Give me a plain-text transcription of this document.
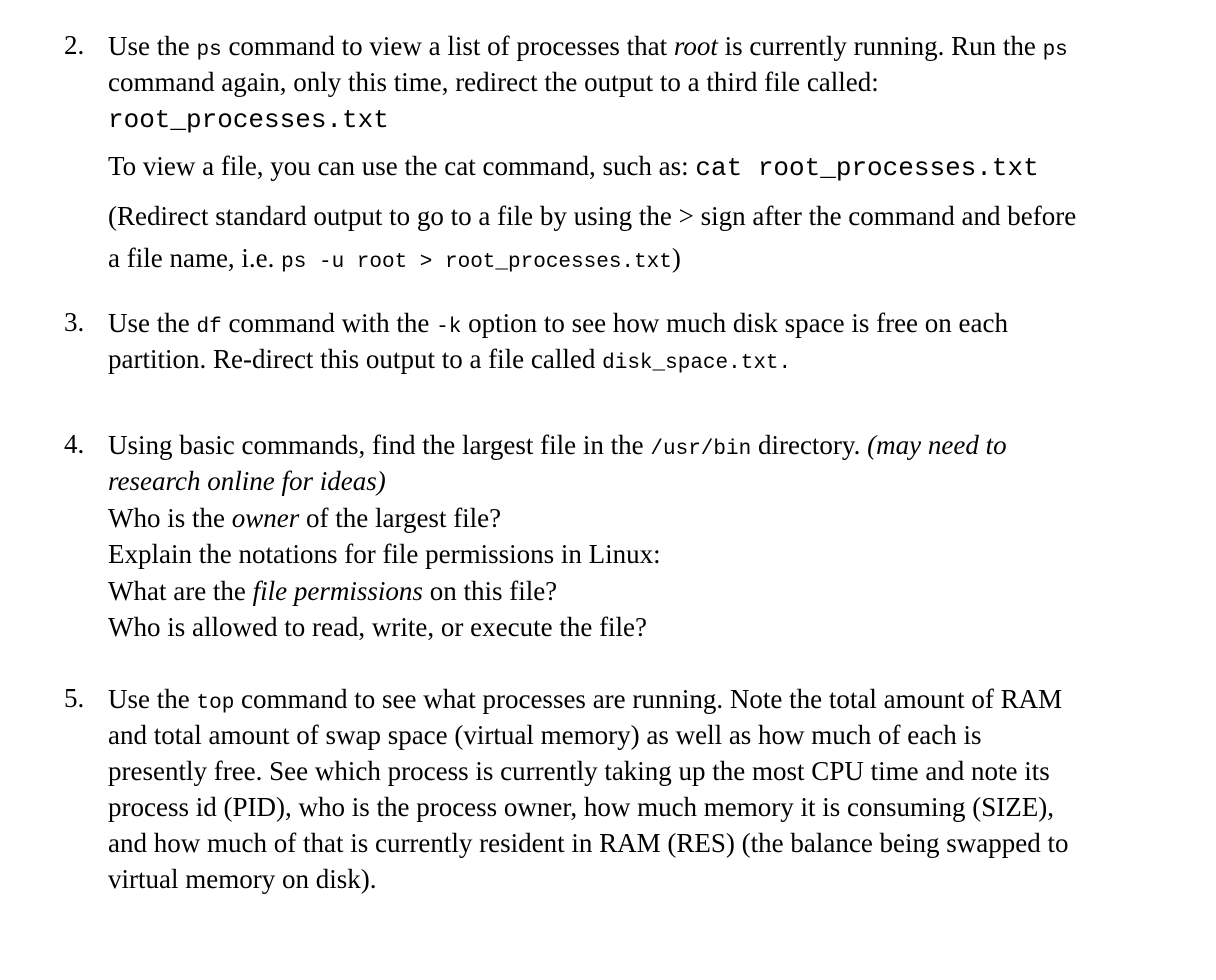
2. Use the ps command to view a list of processes that root is currently running. Run the ps
command again, only this time, redirect the output to a third file called:
root_processes.txt
To view a file, you can use the cat command, such as: cat root_processes.txt
(Redirect standard output to go to a file by using the > sign after the command and before
a file name, i.e. ps -u root > root_processes.txt)
3. Use the df command with the -k option to see how much disk space is free on each
partition. Re-direct this output to a file called disk_space.txt.
4. Using basic commands, find the largest file in the /usr/bin directory. (may need to
research online for ideas)
Who is the owner of the largest file?
Explain the notations for file permissions in Linux:
What are the file permissions on this file?
Who is allowed to read, write, or execute the file?
5. Use the top command to see what processes are running. Note the total amount of RAM
and total amount of swap space (virtual memory) as well as how much of each is
presently free. See which process is currently taking up the most CPU time and note its
process id (PID), who is the process owner, how much memory it is consuming (SIZE),
and how much of that is currently resident in RAM (RES) (the balance being swapped to
virtual memory on disk).
